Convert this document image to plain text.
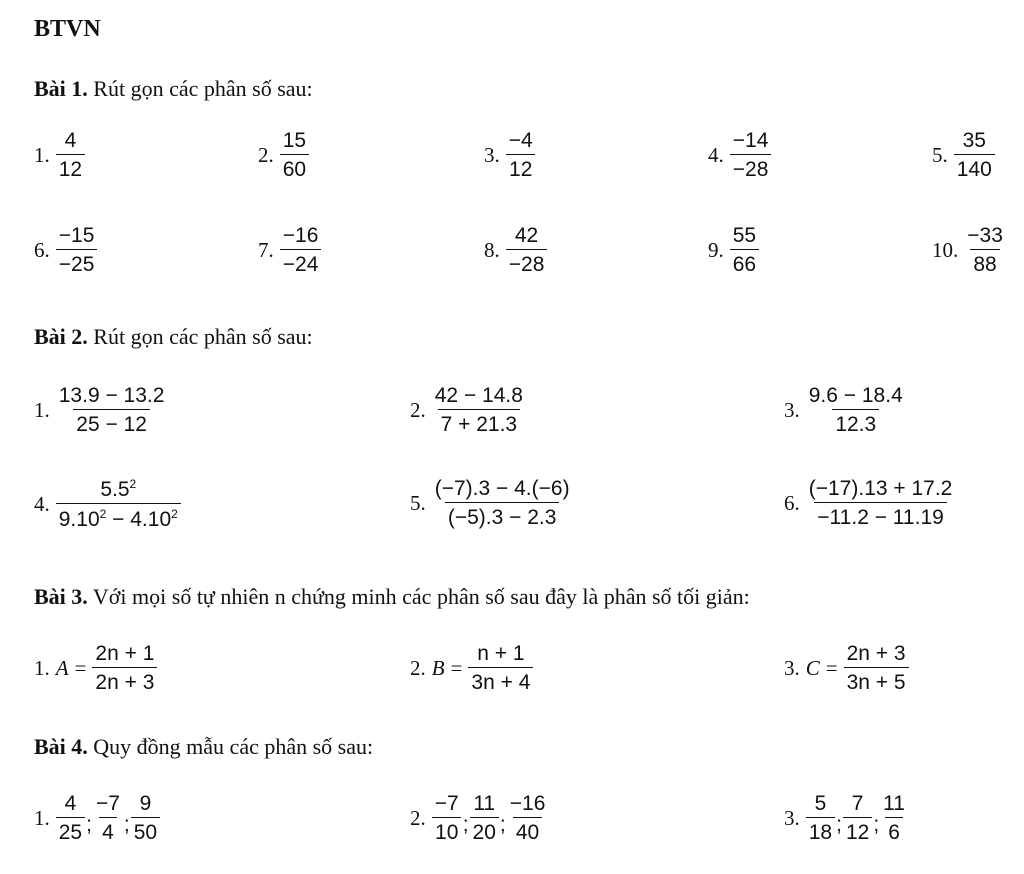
BTVN
Bài 1. Rút gọn các phân số sau:
1. $\frac{4}{12}$	2. $\frac{15}{60}$	3. $\frac{-4}{12}$	4. $\frac{-14}{-28}$	5. $\frac{35}{140}$
6. $\frac{-15}{-25}$	7. $\frac{-16}{-24}$	8. $\frac{42}{-28}$	9. $\frac{55}{66}$	10. $\frac{-33}{88}$
Bài 2. Rút gọn các phân số sau:
1. $\frac{13.9 - 13.2}{25 - 12}$	2. $\frac{42 - 14.8}{7 + 21.3}$	3. $\frac{9.6 - 18.4}{12.3}$
4. $\frac{5.5^2}{9.10^2 - 4.10^2}$	5. $\frac{(-7).3 - 4.(-6)}{(-5).3 - 2.3}$	6. $\frac{(-17).13 + 17.2}{-11.2 - 11.19}$
Bài 3. Với mọi số tự nhiên n chứng minh các phân số sau đây là phân số tối giản:
1. $A = \frac{2n + 1}{2n + 3}$	2. $B = \frac{n + 1}{3n + 4}$	3. $C = \frac{2n + 3}{3n + 5}$
Bài 4. Quy đồng mẫu các phân số sau:
1. $\frac{4}{25}$ ; $\frac{-7}{4}$ ; $\frac{9}{50}$	2. $\frac{-7}{10}$ ; $\frac{11}{20}$ ; $\frac{-16}{40}$	3. $\frac{5}{18}$ ; $\frac{7}{12}$ ; $\frac{11}{6}$
